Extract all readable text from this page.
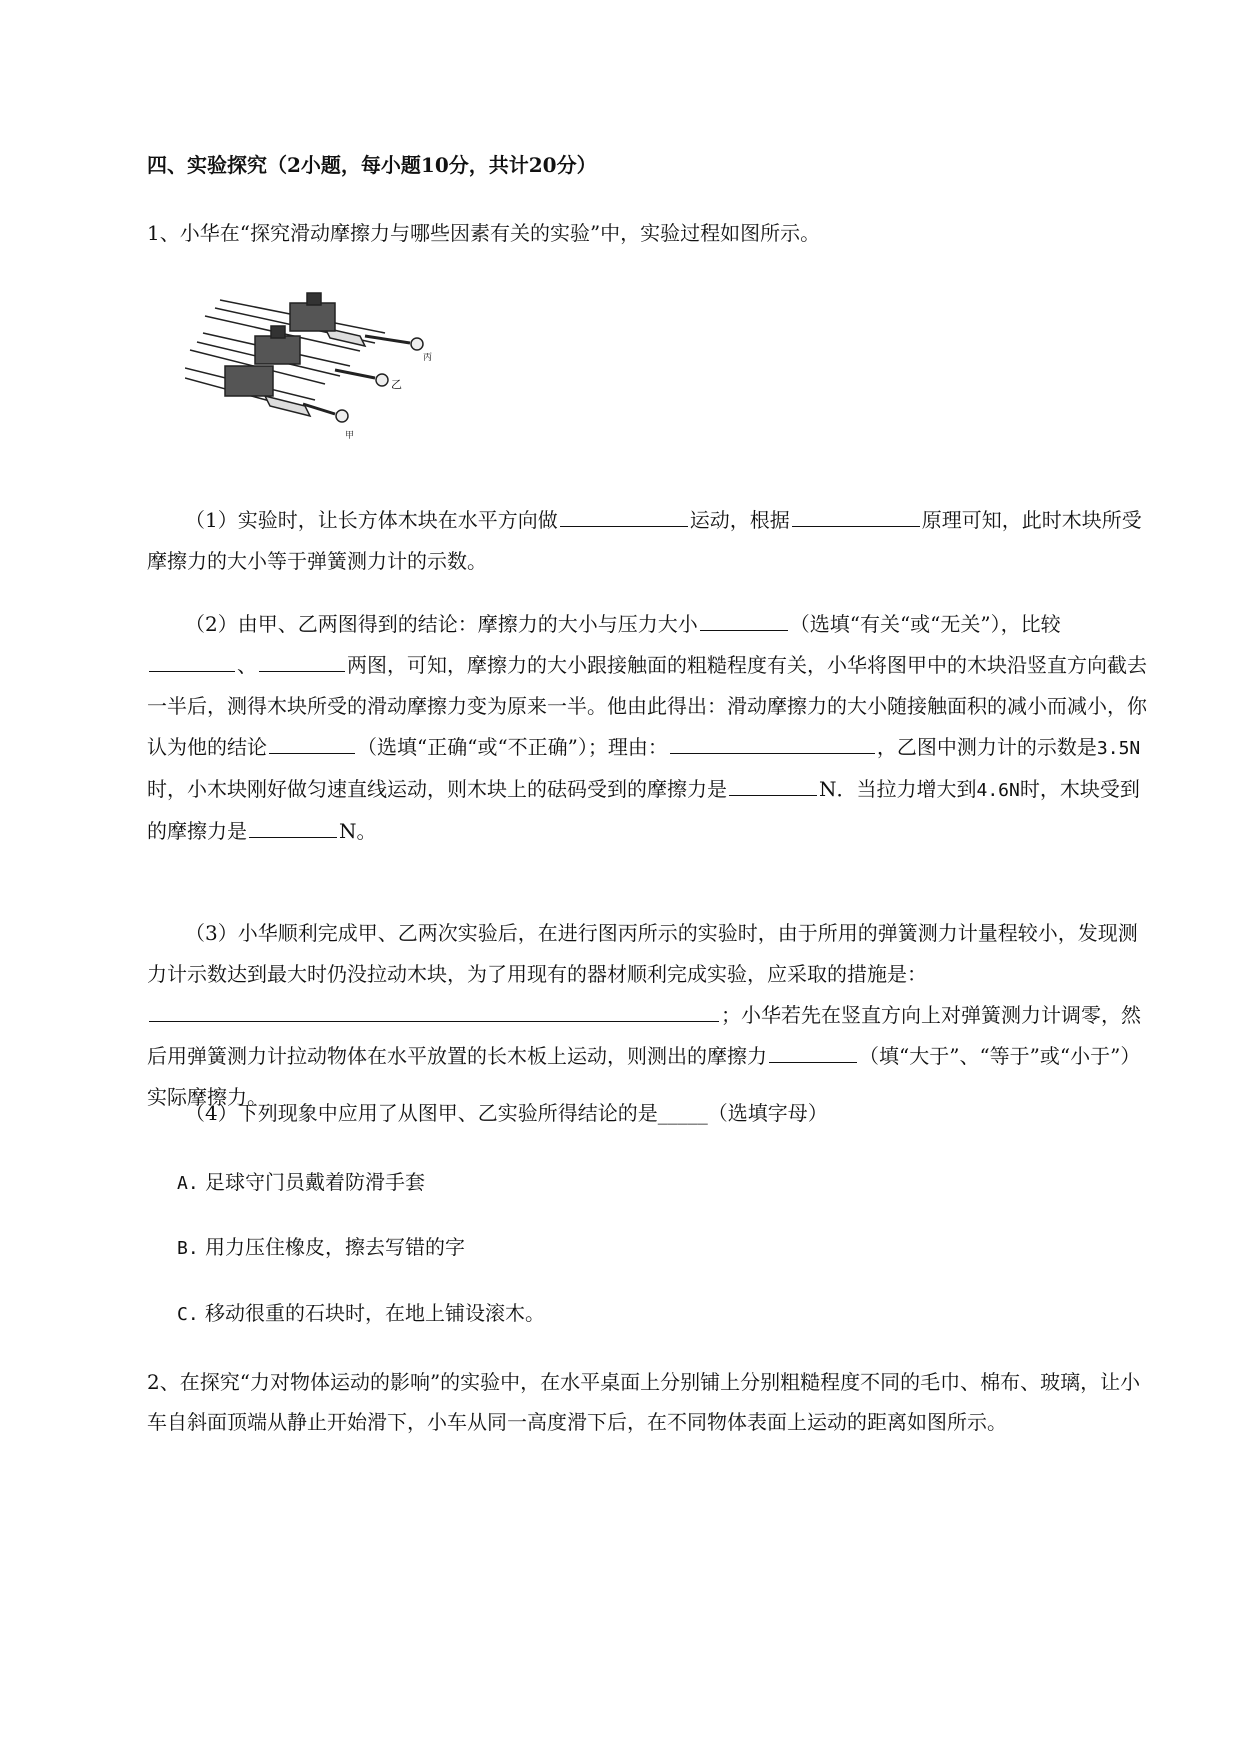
四、实验探究（2小题，每小题10分，共计20分）
1、小华在“探究滑动摩擦力与哪些因素有关的实验”中，实验过程如图所示。
丙
乙
甲
（1）实验时，让长方体木块在水平方向做	运动，根据	原理可知，此时木块所受摩擦力的大小等于弹簧测力计的示数。
（2）由甲、乙两图得到的结论：摩擦力的大小与压力大小	（选填“有关“或“无关”），比较、	两图，可知，摩擦力的大小跟接触面的粗糙程度有关，小华将图甲中的木块沿竖直方向截去一半后，测得木块所受的滑动摩擦力变为原来一半。他由此得出：滑动摩擦力的大小随接触面积的减小而减小，你认为他的结论	（选填“正确“或“不正确”）；理由：	，乙图中测力计的示数是3.5N时，小木块刚好做匀速直线运动，则木块上的砝码受到的摩擦力是	N．当拉力增大到4.6N时，木块受到的摩擦力是	N。
（3）小华顺利完成甲、乙两次实验后，在进行图丙所示的实验时，由于所用的弹簧测力计量程较小，发现测力计示数达到最大时仍没拉动木块，为了用现有的器材顺利完成实验，应采取的措施是：；小华若先在竖直方向上对弹簧测力计调零，然后用弹簧测力计拉动物体在水平放置的长木板上运动，则测出的摩擦力	（填“大于”、“等于”或“小于”）实际摩擦力。
（4）下列现象中应用了从图甲、乙实验所得结论的是_____（选填字母）
A. 足球守门员戴着防滑手套
B. 用力压住橡皮，擦去写错的字
C. 移动很重的石块时，在地上铺设滚木。
2、在探究“力对物体运动的影响”的实验中，在水平桌面上分别铺上分别粗糙程度不同的毛巾、棉布、玻璃，让小车自斜面顶端从静止开始滑下，小车从同一高度滑下后，在不同物体表面上运动的距离如图所示。
